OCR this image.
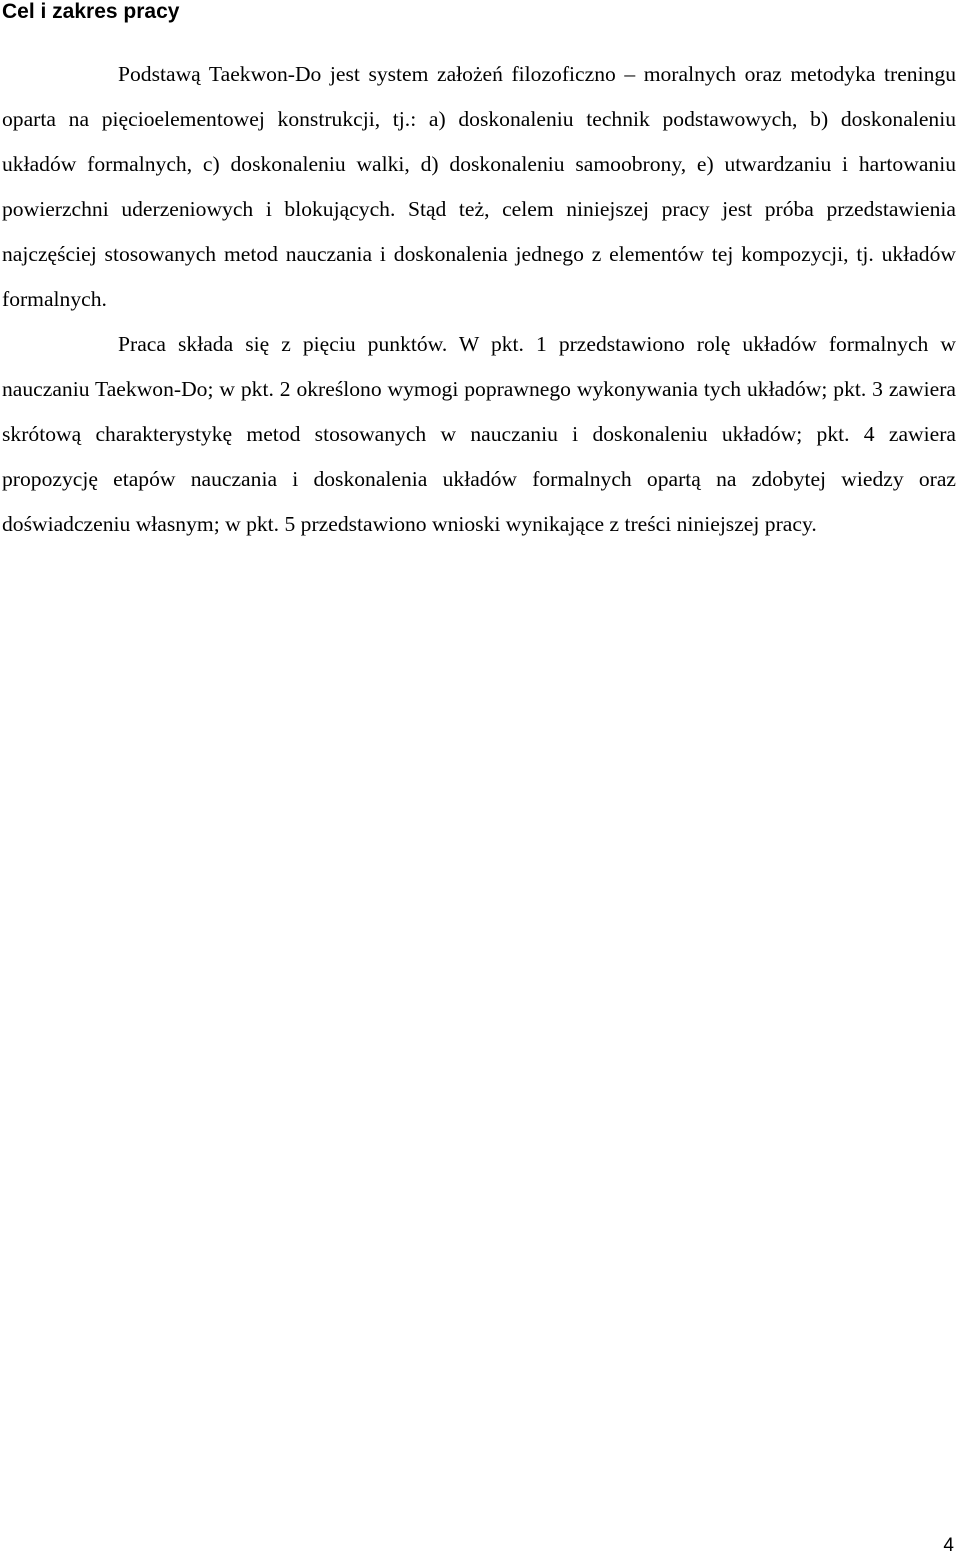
Cel i zakres pracy

Podstawą Taekwon-Do jest system założeń filozoficzno – moralnych oraz metodyka treningu oparta na pięcioelementowej konstrukcji, tj.: a) doskonaleniu technik podstawowych, b) doskonaleniu układów formalnych, c) doskonaleniu walki, d) doskonaleniu samoobrony, e) utwardzaniu i hartowaniu powierzchni uderzeniowych i blokujących. Stąd też, celem niniejszej pracy jest próba przedstawienia najczęściej stosowanych metod nauczania i doskonalenia jednego z elementów tej kompozycji, tj. układów formalnych.

Praca składa się z pięciu punktów. W pkt. 1 przedstawiono rolę układów formalnych w nauczaniu Taekwon-Do; w pkt. 2 określono wymogi poprawnego wykonywania tych układów; pkt. 3 zawiera skrótową charakterystykę metod stosowanych w nauczaniu i doskonaleniu układów; pkt. 4 zawiera propozycję etapów nauczania i doskonalenia układów formalnych opartą na zdobytej wiedzy oraz doświadczeniu własnym; w pkt. 5 przedstawiono wnioski wynikające z treści niniejszej pracy.

4
